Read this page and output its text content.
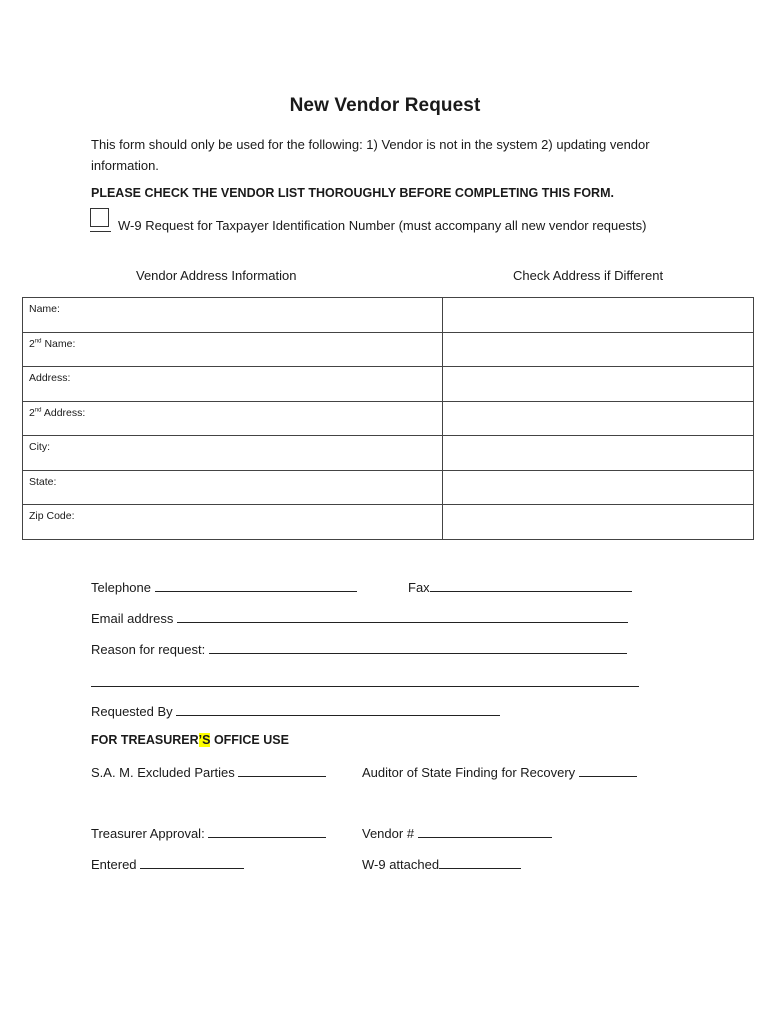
New Vendor Request
This form should only be used for the following: 1) Vendor is not in the system 2) updating vendor information.
PLEASE CHECK THE VENDOR LIST THOROUGHLY BEFORE COMPLETING THIS FORM.
W-9 Request for Taxpayer Identification Number (must accompany all new vendor requests)
Vendor Address Information	Check Address if Different
Name:	
2nd Name:	
Address:	
2nd Address:	
City:	
State:	
Zip Code:	
Telephone	Fax
Email address
Reason for request:
Requested By
FOR TREASURER’S OFFICE USE
S.A. M. Excluded Parties	Auditor of State Finding for Recovery
Treasurer Approval:	Vendor #
Entered	W-9 attached
